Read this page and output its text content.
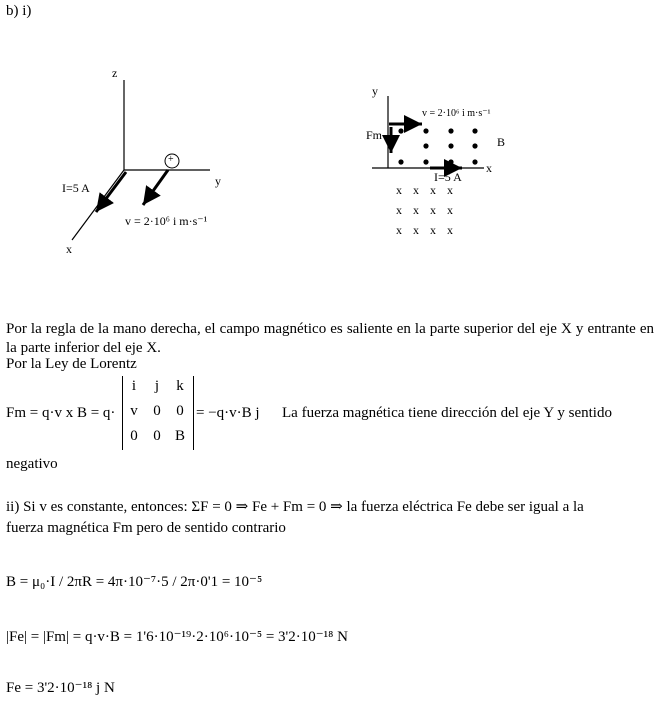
b) i)
z
y
x
I=5 A
+
v = 2·10⁶ i m·s⁻¹
y
x
v = 2·10⁶ i m·s⁻¹
Fm	B
I=5 A
x x x x
x x x x
x x x x
Por la regla de la mano derecha, el campo magnético es saliente en la parte superior del eje X y entrante en la parte inferior del eje X.
Por la Ley de Lorentz
Fm = q·v x B = q·
i	j	k
v	0	0
0	0 B
= −q·v·B j La fuerza magnética tiene dirección del eje Y y sentido
negativo
ii) Si v es constante, entonces: ΣF = 0 ⇒ Fe + Fm = 0 ⇒ la fuerza eléctrica Fe debe ser igual a la
fuerza magnética Fm pero de sentido contrario
B = μ₀·I / 2πR = 4π·10⁻⁷·5 / 2π·0'1 = 10⁻⁵
|Fe| = |Fm| = q·v·B = 1'6·10⁻¹⁹·2·10⁶·10⁻⁵ = 3'2·10⁻¹⁸ N
Fe = 3'2·10⁻¹⁸ j N
